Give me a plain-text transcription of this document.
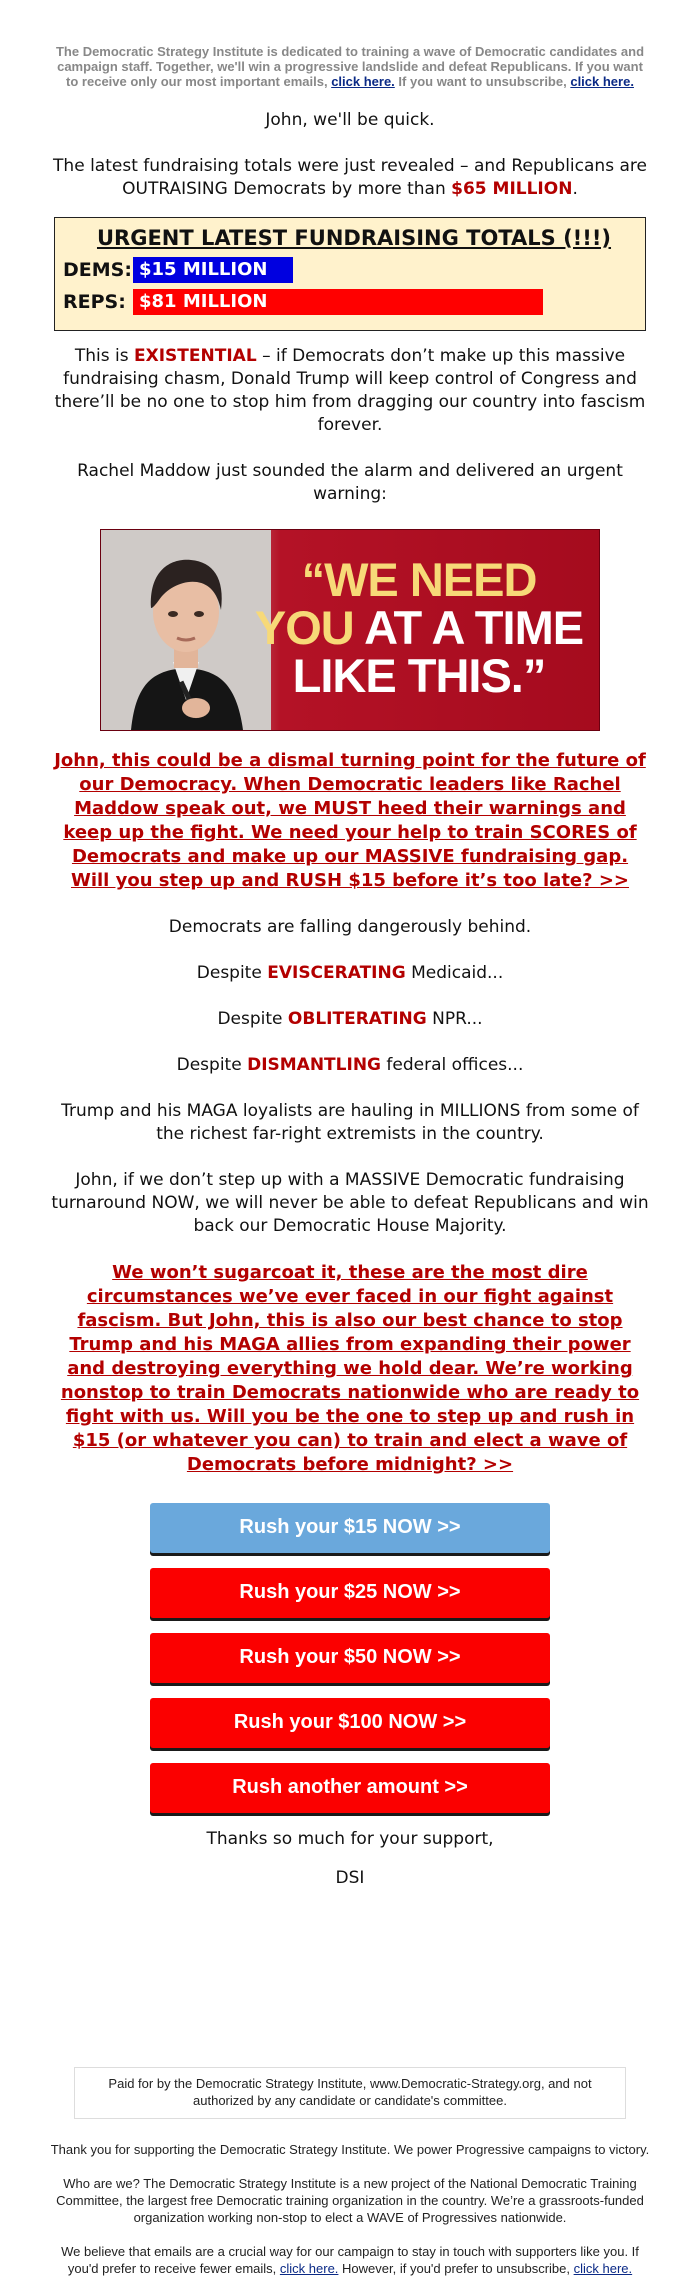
The Democratic Strategy Institute is dedicated to training a wave of Democratic candidates and campaign staff. Together, we'll win a progressive landslide and defeat Republicans. If you want to receive only our most important emails, click here. If you want to unsubscribe, click here.

John, we'll be quick.

The latest fundraising totals were just revealed – and Republicans are OUTRAISING Democrats by more than $65 MILLION.

URGENT LATEST FUNDRAISING TOTALS (!!!)
DEMS: $15 MILLION
REPS: $81 MILLION

This is EXISTENTIAL – if Democrats don’t make up this massive fundraising chasm, Donald Trump will keep control of Congress and there’ll be no one to stop him from dragging our country into fascism forever.

Rachel Maddow just sounded the alarm and delivered an urgent warning:

“WE NEED
YOU AT A TIME
LIKE THIS.”

John, this could be a dismal turning point for the future of our Democracy. When Democratic leaders like Rachel Maddow speak out, we MUST heed their warnings and keep up the fight. We need your help to train SCORES of Democrats and make up our MASSIVE fundraising gap. Will you step up and RUSH $15 before it’s too late? >>

Democrats are falling dangerously behind.

Despite EVISCERATING Medicaid...

Despite OBLITERATING NPR...

Despite DISMANTLING federal offices...

Trump and his MAGA loyalists are hauling in MILLIONS from some of the richest far-right extremists in the country.

John, if we don’t step up with a MASSIVE Democratic fundraising turnaround NOW, we will never be able to defeat Republicans and win back our Democratic House Majority.

We won’t sugarcoat it, these are the most dire circumstances we’ve ever faced in our fight against fascism. But John, this is also our best chance to stop Trump and his MAGA allies from expanding their power and destroying everything we hold dear. We’re working nonstop to train Democrats nationwide who are ready to fight with us. Will you be the one to step up and rush in $15 (or whatever you can) to train and elect a wave of Democrats before midnight? >>

Rush your $15 NOW >>
Rush your $25 NOW >>
Rush your $50 NOW >>
Rush your $100 NOW >>
Rush another amount >>

Thanks so much for your support,

DSI

Paid for by the Democratic Strategy Institute, www.Democratic-Strategy.org, and not authorized by any candidate or candidate's committee.

Thank you for supporting the Democratic Strategy Institute. We power Progressive campaigns to victory.

Who are we? The Democratic Strategy Institute is a new project of the National Democratic Training Committee, the largest free Democratic training organization in the country. We’re a grassroots-funded organization working non-stop to elect a WAVE of Progressives nationwide.

We believe that emails are a crucial way for our campaign to stay in touch with supporters like you. If you'd prefer to receive fewer emails, click here. However, if you'd prefer to unsubscribe, click here.
